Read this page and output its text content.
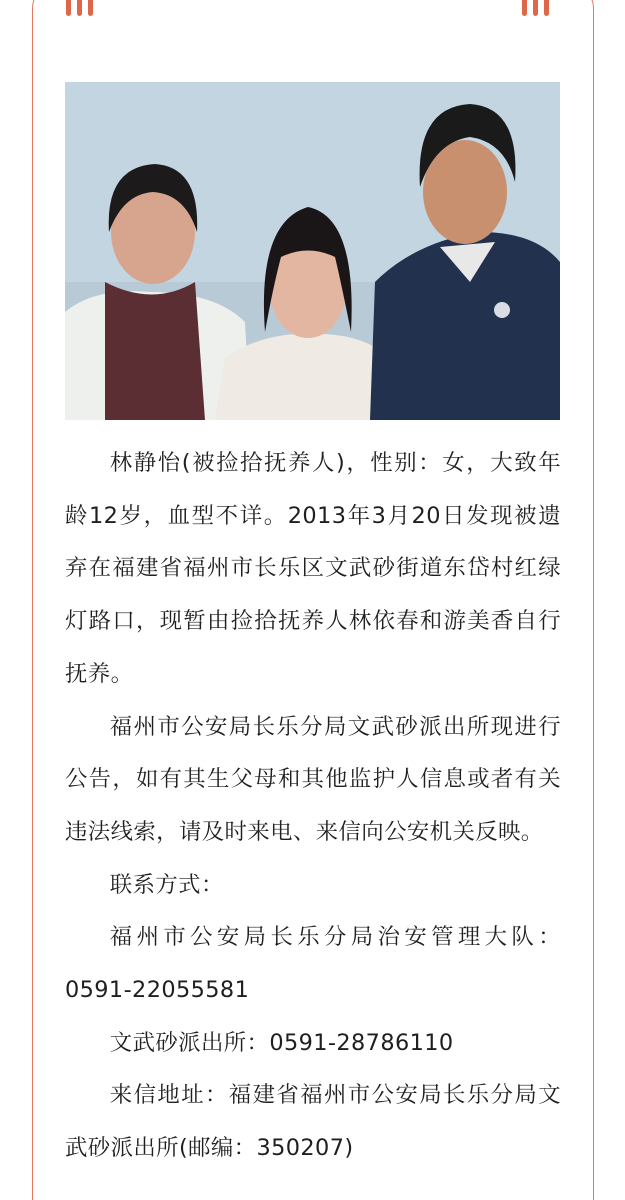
林静怡(被捡拾抚养人)，性别：女，大致年龄12岁，血型不详。2013年3月20日发现被遗弃在福建省福州市长乐区文武砂街道东岱村红绿灯路口，现暂由捡拾抚养人林依春和游美香自行抚养。

福州市公安局长乐分局文武砂派出所现进行公告，如有其生父母和其他监护人信息或者有关违法线索，请及时来电、来信向公安机关反映。

联系方式：

福州市公安局长乐分局治安管理大队：0591-22055581

文武砂派出所：0591-28786110

来信地址：福建省福州市公安局长乐分局文武砂派出所(邮编：350207)
